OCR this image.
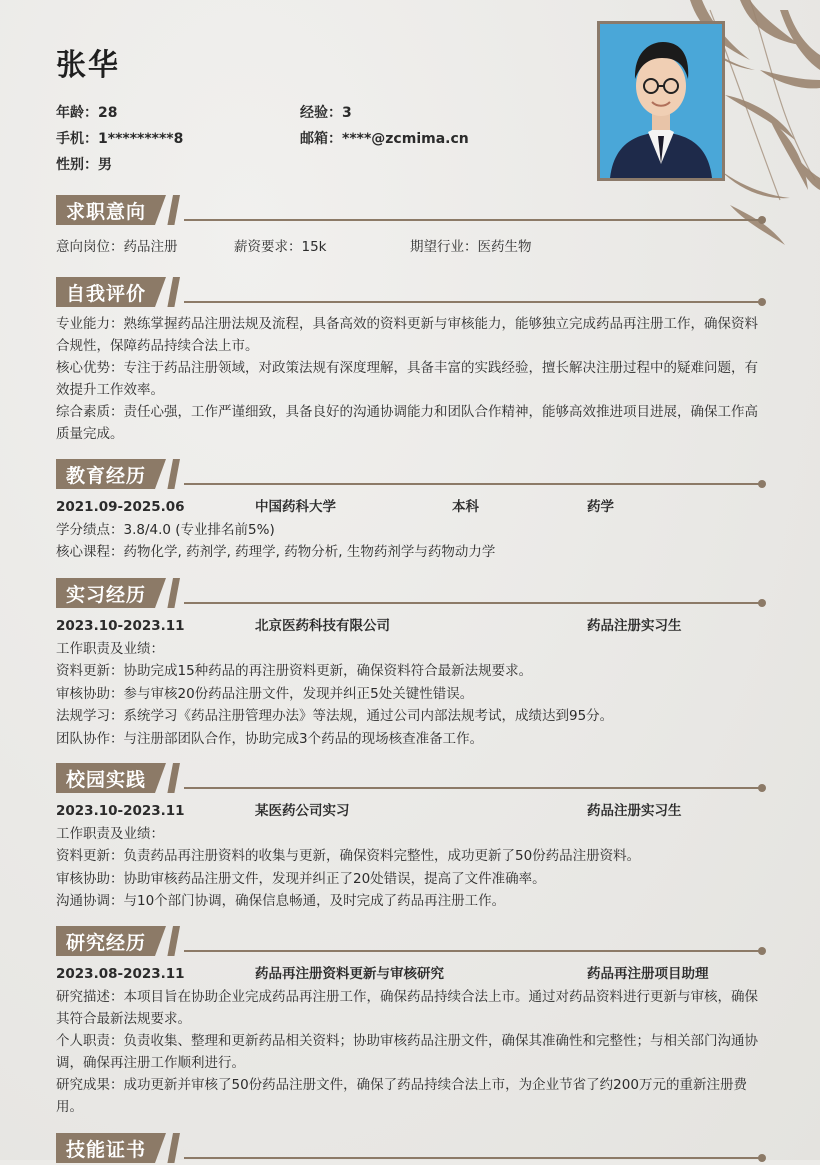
张华
年龄：28	经验：3
手机：1*********8	邮箱：****@zcmima.cn
性别：男
求职意向
意向岗位：药品注册	薪资要求：15k	期望行业：医药生物
自我评价
专业能力：熟练掌握药品注册法规及流程，具备高效的资料更新与审核能力，能够独立完成药品再注册工作，确保资料合规性，保障药品持续合法上市。
核心优势：专注于药品注册领域，对政策法规有深度理解，具备丰富的实践经验，擅长解决注册过程中的疑难问题，有效提升工作效率。
综合素质：责任心强，工作严谨细致，具备良好的沟通协调能力和团队合作精神，能够高效推进项目进展，确保工作高质量完成。
教育经历
2021.09-2025.06	中国药科大学	本科	药学
学分绩点：3.8/4.0 (专业排名前5%)
核心课程：药物化学, 药剂学, 药理学, 药物分析, 生物药剂学与药物动力学
实习经历
2023.10-2023.11	北京医药科技有限公司	药品注册实习生
工作职责及业绩：
资料更新：协助完成15种药品的再注册资料更新，确保资料符合最新法规要求。
审核协助：参与审核20份药品注册文件，发现并纠正5处关键性错误。
法规学习：系统学习《药品注册管理办法》等法规，通过公司内部法规考试，成绩达到95分。
团队协作：与注册部团队合作，协助完成3个药品的现场核查准备工作。
校园实践
2023.10-2023.11	某医药公司实习	药品注册实习生
工作职责及业绩：
资料更新：负责药品再注册资料的收集与更新，确保资料完整性，成功更新了50份药品注册资料。
审核协助：协助审核药品注册文件，发现并纠正了20处错误，提高了文件准确率。
沟通协调：与10个部门协调，确保信息畅通，及时完成了药品再注册工作。
研究经历
2023.08-2023.11	药品再注册资料更新与审核研究	药品再注册项目助理
研究描述：本项目旨在协助企业完成药品再注册工作，确保药品持续合法上市。通过对药品资料进行更新与审核，确保其符合最新法规要求。
个人职责：负责收集、整理和更新药品相关资料；协助审核药品注册文件，确保其准确性和完整性；与相关部门沟通协调，确保再注册工作顺利进行。
研究成果：成功更新并审核了50份药品注册文件，确保了药品持续合法上市，为企业节省了约200万元的重新注册费用。
技能证书
